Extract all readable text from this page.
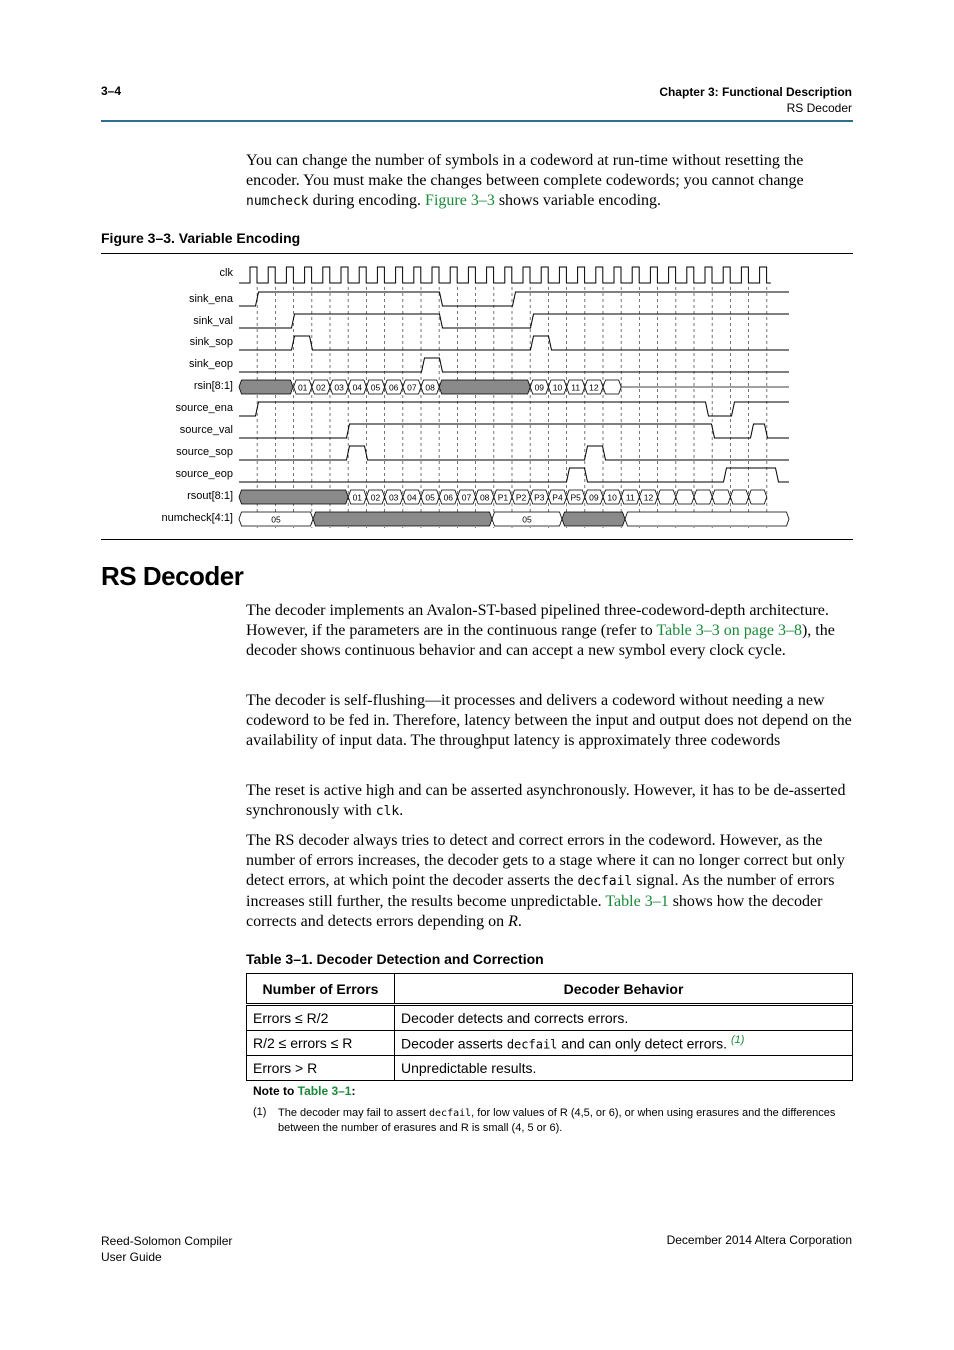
3–4	Chapter 3: Functional Description
RS Decoder
You can change the number of symbols in a codeword at run-time without resetting the encoder. You must make the changes between complete codewords; you cannot change numcheck during encoding. Figure 3–3 shows variable encoding.
Figure 3–3. Variable Encoding
clk
sink_ena
sink_val
sink_sop
sink_eop
rsin[8:1]
source_ena
source_val
source_sop
source_eop
rsout[8:1]
numcheck[4:1]
01 02 03 04 05 06 07 08	09 10 11 12
01 02 03 04 05 06 07 08 P1 P2 P3 P4 P5 09 10 11 12
05	05
RS Decoder
The decoder implements an Avalon-ST-based pipelined three-codeword-depth architecture. However, if the parameters are in the continuous range (refer to Table 3–3 on page 3–8), the decoder shows continuous behavior and can accept a new symbol every clock cycle.
The decoder is self-flushing—it processes and delivers a codeword without needing a new codeword to be fed in. Therefore, latency between the input and output does not depend on the availability of input data. The throughput latency is approximately three codewords
The reset is active high and can be asserted asynchronously. However, it has to be de-asserted synchronously with clk.
The RS decoder always tries to detect and correct errors in the codeword. However, as the number of errors increases, the decoder gets to a stage where it can no longer correct but only detect errors, at which point the decoder asserts the decfail signal. As the number of errors increases still further, the results become unpredictable. Table 3–1 shows how the decoder corrects and detects errors depending on R.
Table 3–1. Decoder Detection and Correction
Number of Errors	Decoder Behavior
Errors ≤ R/2	Decoder detects and corrects errors.
R/2 ≤ errors ≤ R	Decoder asserts decfail and can only detect errors. $^{(1)}$
Errors > R	Unpredictable results.
Note to Table 3–1:
(1) The decoder may fail to assert decfail, for low values of R (4,5, or 6), or when using erasures and the differences between the number of erasures and R is small (4, 5 or 6).
Reed-Solomon Compiler
User Guide
December 2014 Altera Corporation
